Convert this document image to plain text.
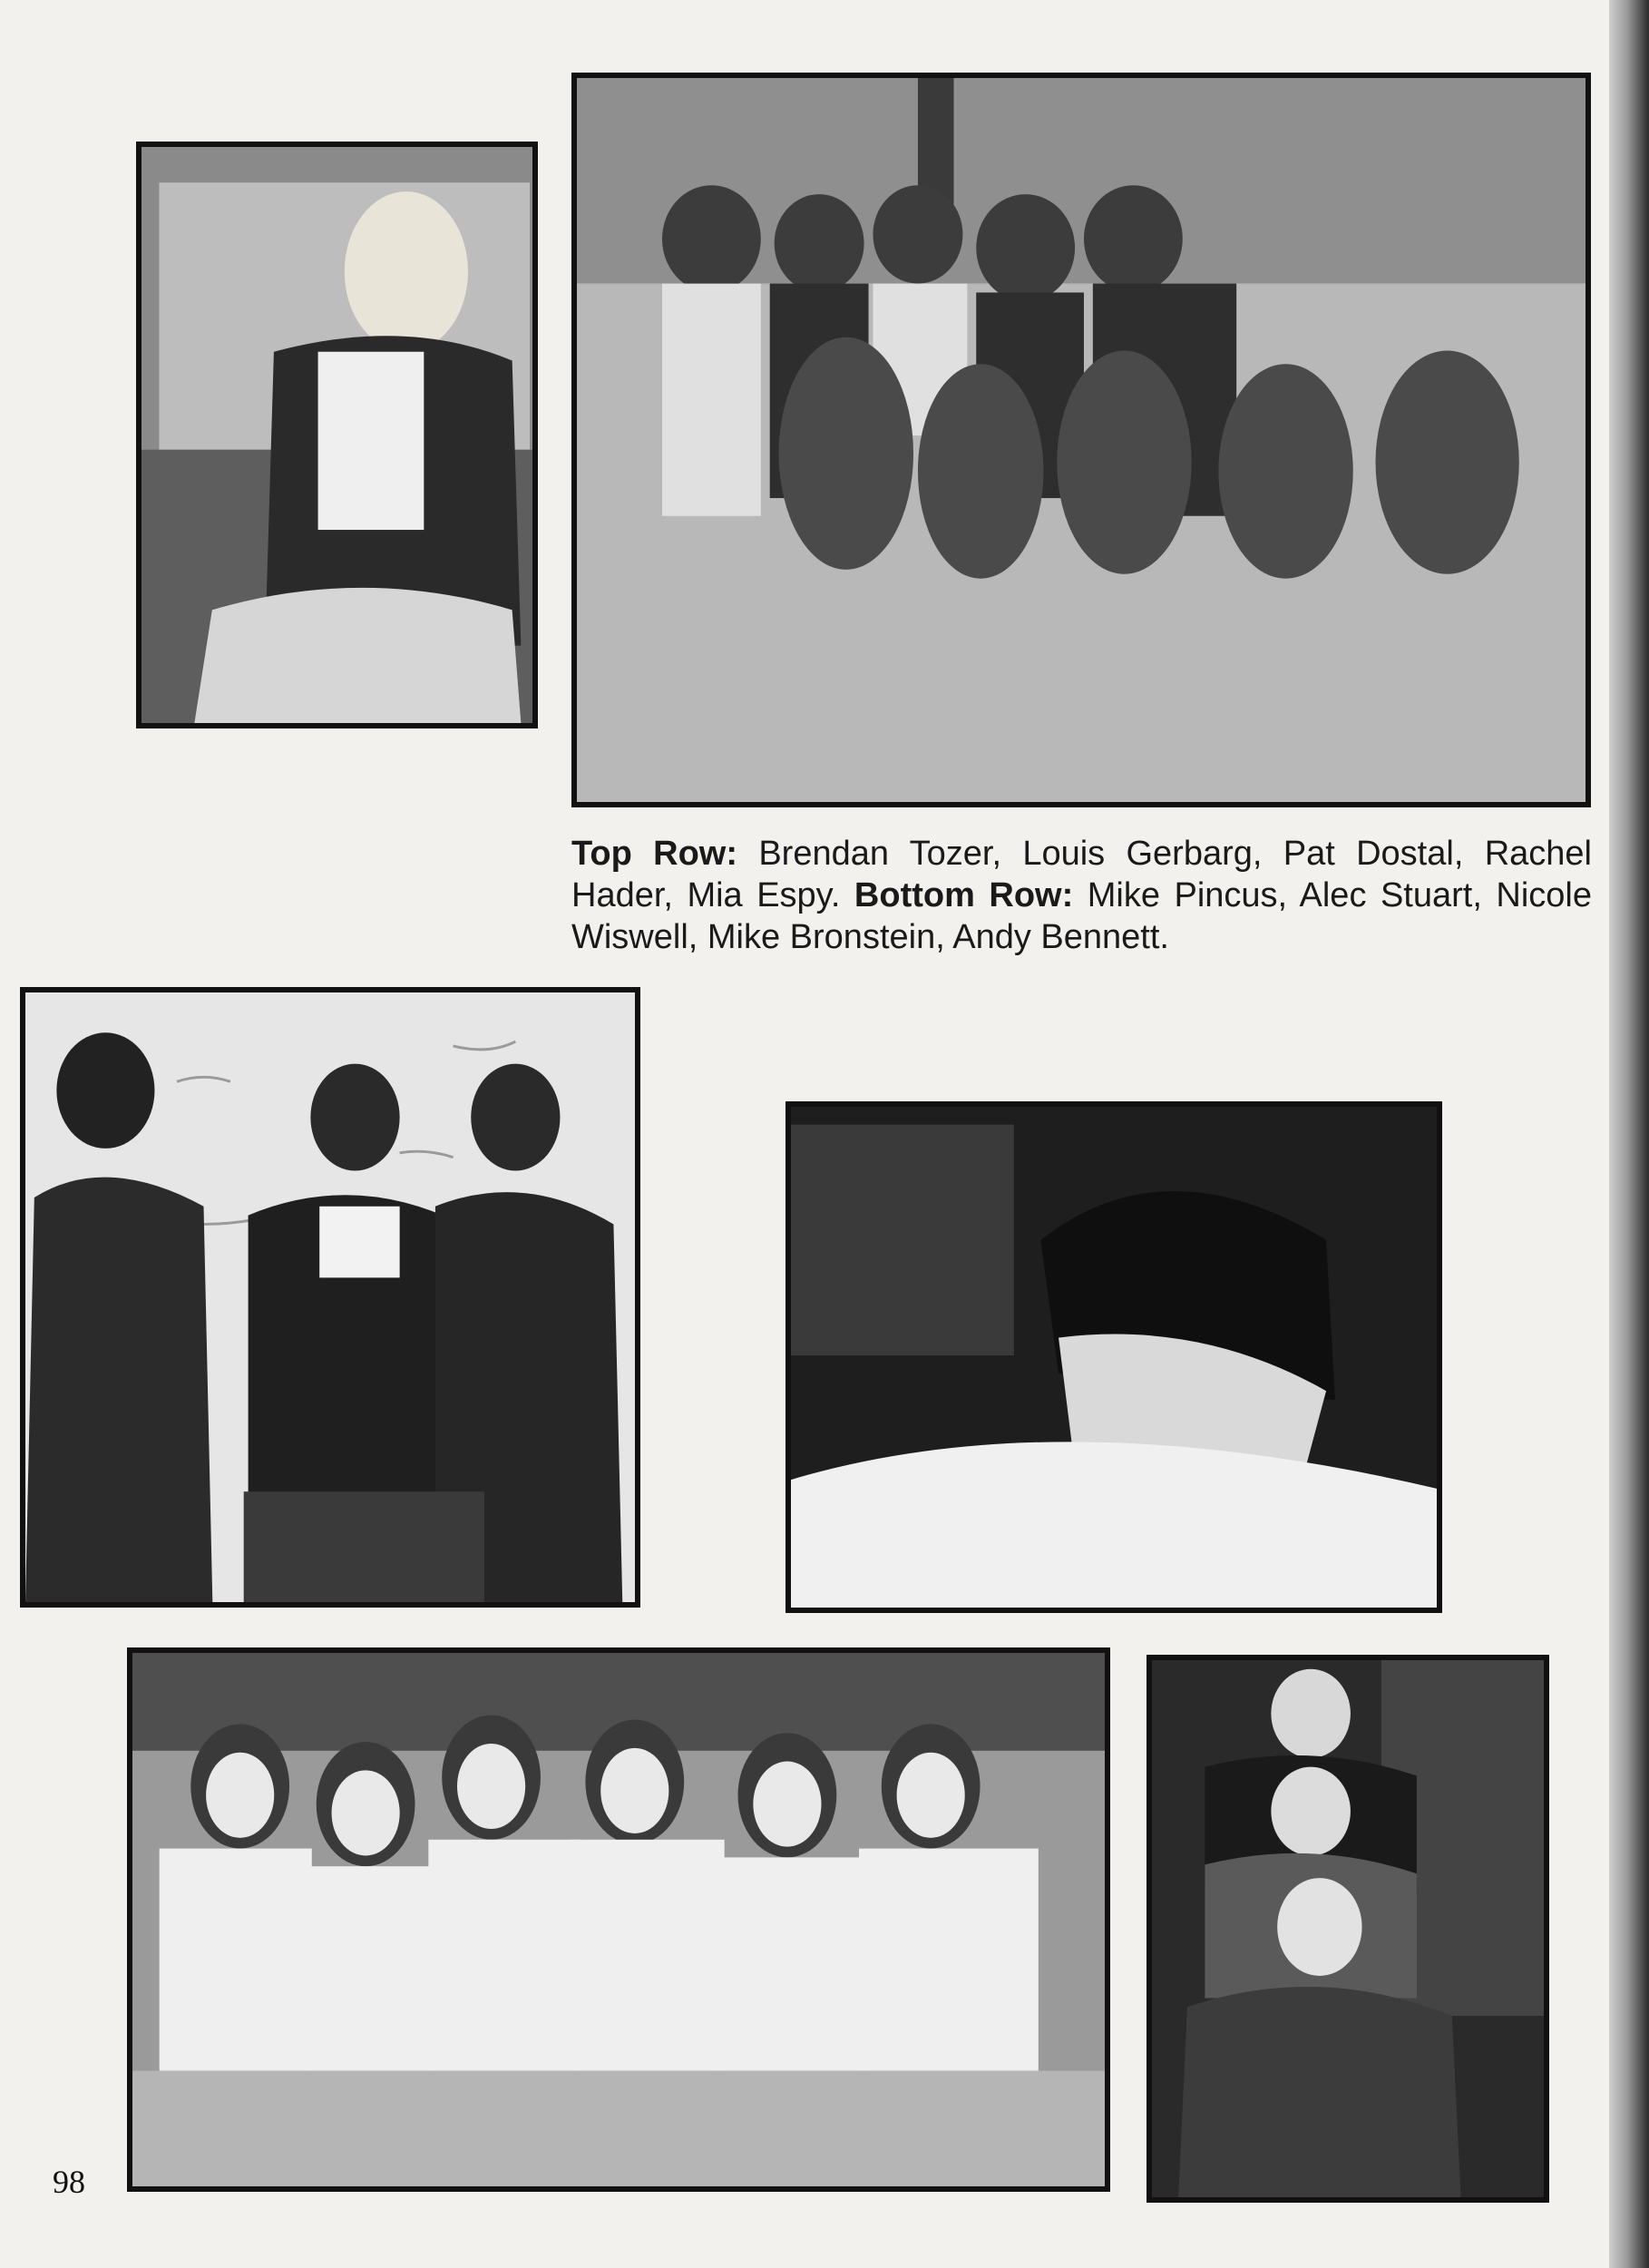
Top Row: Brendan Tozer, Louis Gerbarg, Pat Dostal, Rachel Hader, Mia Espy. Bottom Row: Mike Pincus, Alec Stuart, Nicole Wiswell, Mike Bronstein, Andy Bennett.
98
